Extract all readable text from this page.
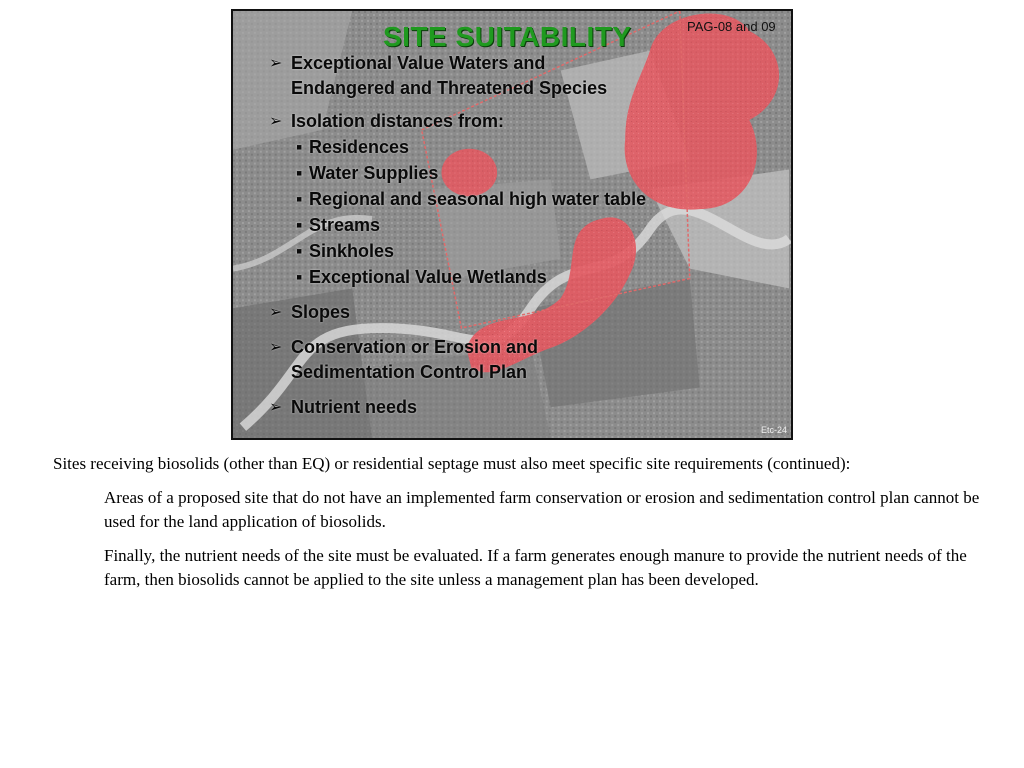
SITE SUITABILITY	PAG-08 and 09
Etc-24
➢ Exceptional Value Waters and
Endangered and Threatened Species
➢ Isolation distances from:
▪ Residences
▪ Water Supplies
▪ Regional and seasonal high water table
▪ Streams
▪ Sinkholes
▪ Exceptional Value Wetlands
➢ Slopes
➢ Conservation or Erosion and
Sedimentation Control Plan
➢ Nutrient needs

Sites receiving biosolids (other than EQ) or residential septage must also meet specific site requirements (continued):

Areas of a proposed site that do not have an implemented farm conservation or erosion and sedimentation control plan cannot be used for the land application of biosolids.

Finally, the nutrient needs of the site must be evaluated. If a farm generates enough manure to provide the nutrient needs of the farm, then biosolids cannot be applied to the site unless a management plan has been developed.
